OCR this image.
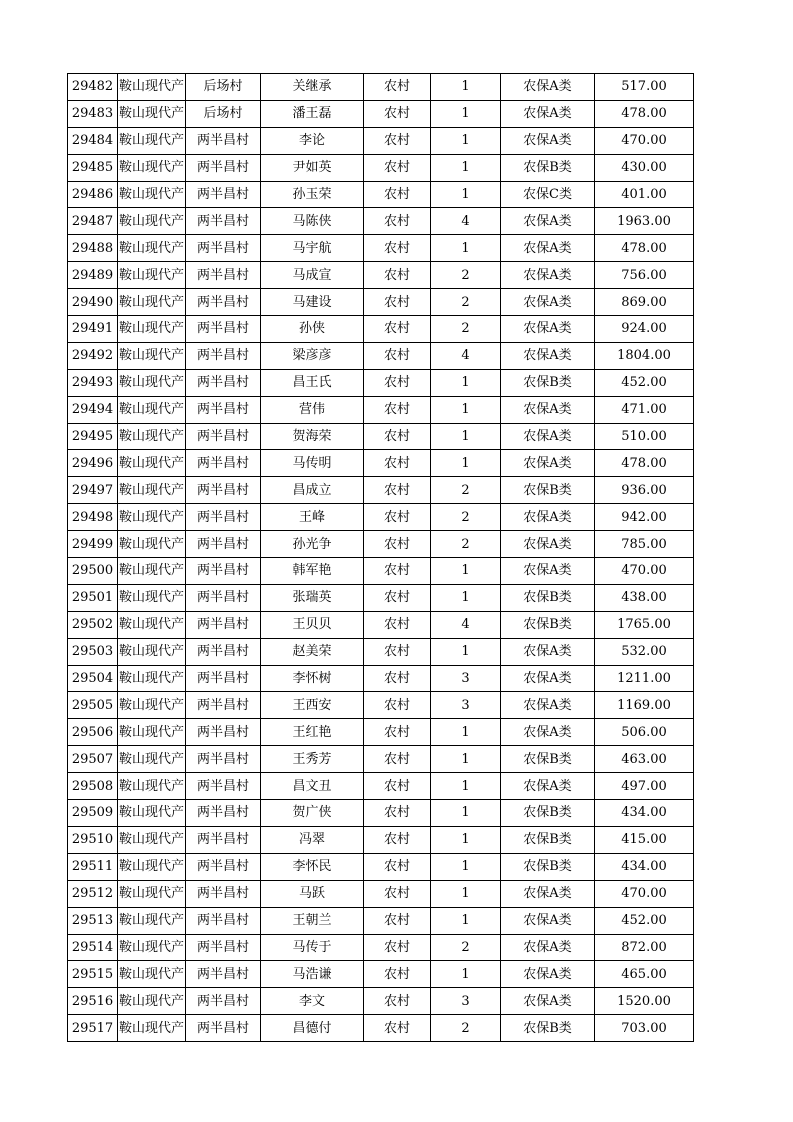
29482	鞍山现代产	后场村	关继承	农村	1	农保A类	517.00
29483	鞍山现代产	后场村	潘王磊	农村	1	农保A类	478.00
29484	鞍山现代产	两半昌村	李论	农村	1	农保A类	470.00
29485	鞍山现代产	两半昌村	尹如英	农村	1	农保B类	430.00
29486	鞍山现代产	两半昌村	孙玉荣	农村	1	农保C类	401.00
29487	鞍山现代产	两半昌村	马陈侠	农村	4	农保A类	1963.00
29488	鞍山现代产	两半昌村	马宇航	农村	1	农保A类	478.00
29489	鞍山现代产	两半昌村	马成宣	农村	2	农保A类	756.00
29490	鞍山现代产	两半昌村	马建设	农村	2	农保A类	869.00
29491	鞍山现代产	两半昌村	孙侠	农村	2	农保A类	924.00
29492	鞍山现代产	两半昌村	梁彦彦	农村	4	农保A类	1804.00
29493	鞍山现代产	两半昌村	昌王氏	农村	1	农保B类	452.00
29494	鞍山现代产	两半昌村	营伟	农村	1	农保A类	471.00
29495	鞍山现代产	两半昌村	贺海荣	农村	1	农保A类	510.00
29496	鞍山现代产	两半昌村	马传明	农村	1	农保A类	478.00
29497	鞍山现代产	两半昌村	昌成立	农村	2	农保B类	936.00
29498	鞍山现代产	两半昌村	王峰	农村	2	农保A类	942.00
29499	鞍山现代产	两半昌村	孙光争	农村	2	农保A类	785.00
29500	鞍山现代产	两半昌村	韩军艳	农村	1	农保A类	470.00
29501	鞍山现代产	两半昌村	张瑞英	农村	1	农保B类	438.00
29502	鞍山现代产	两半昌村	王贝贝	农村	4	农保B类	1765.00
29503	鞍山现代产	两半昌村	赵美荣	农村	1	农保A类	532.00
29504	鞍山现代产	两半昌村	李怀树	农村	3	农保A类	1211.00
29505	鞍山现代产	两半昌村	王西安	农村	3	农保A类	1169.00
29506	鞍山现代产	两半昌村	王红艳	农村	1	农保A类	506.00
29507	鞍山现代产	两半昌村	王秀芳	农村	1	农保B类	463.00
29508	鞍山现代产	两半昌村	昌文丑	农村	1	农保A类	497.00
29509	鞍山现代产	两半昌村	贺广侠	农村	1	农保B类	434.00
29510	鞍山现代产	两半昌村	冯翠	农村	1	农保B类	415.00
29511	鞍山现代产	两半昌村	李怀民	农村	1	农保B类	434.00
29512	鞍山现代产	两半昌村	马跃	农村	1	农保A类	470.00
29513	鞍山现代产	两半昌村	王朝兰	农村	1	农保A类	452.00
29514	鞍山现代产	两半昌村	马传于	农村	2	农保A类	872.00
29515	鞍山现代产	两半昌村	马浩谦	农村	1	农保A类	465.00
29516	鞍山现代产	两半昌村	李文	农村	3	农保A类	1520.00
29517	鞍山现代产	两半昌村	昌德付	农村	2	农保B类	703.00
